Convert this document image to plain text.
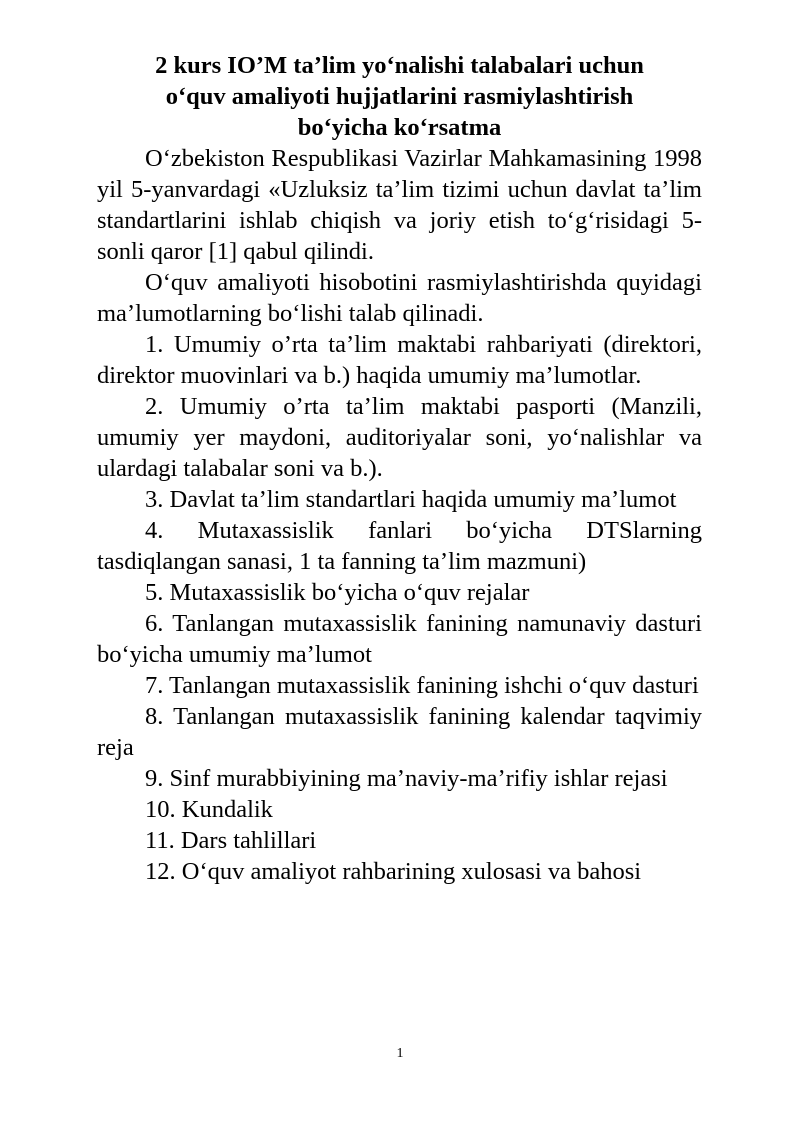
2 kurs IO’M ta’lim yo‘nalishi talabalari uchun
o‘quv amaliyoti hujjatlarini rasmiylashtirish
bo‘yicha ko‘rsatma

O‘zbekiston Respublikasi Vazirlar Mahkamasining 1998 yil 5-yanvardagi «Uzluksiz ta’lim tizimi uchun davlat ta’lim standartlarini ishlab chiqish va joriy etish to‘g‘risidagi 5-sonli qaror [1] qabul qilindi.

O‘quv amaliyoti hisobotini rasmiylashtirishda quyidagi ma’lumotlarning bo‘lishi talab qilinadi.

1. Umumiy o’rta ta’lim maktabi rahbariyati (direktori, direktor muovinlari va b.) haqida umumiy ma’lumotlar.

2. Umumiy o’rta ta’lim maktabi pasporti (Manzili, umumiy yer maydoni, auditoriyalar soni, yo‘nalishlar va ulardagi talabalar soni va b.).

3. Davlat ta’lim standartlari haqida umumiy ma’lumot

4. Mutaxassislik fanlari bo‘yicha DTSlarning tasdiqlangan sanasi, 1 ta fanning ta’lim mazmuni)

5. Mutaxassislik bo‘yicha o‘quv rejalar

6. Tanlangan mutaxassislik fanining namunaviy dasturi bo‘yicha umumiy ma’lumot

7. Tanlangan mutaxassislik fanining ishchi o‘quv dasturi

8. Tanlangan mutaxassislik fanining kalendar taqvimiy reja

9. Sinf murabbiyining ma’naviy-ma’rifiy ishlar rejasi

10. Kundalik

11. Dars tahlillari

12. O‘quv amaliyot rahbarining xulosasi va bahosi

1
